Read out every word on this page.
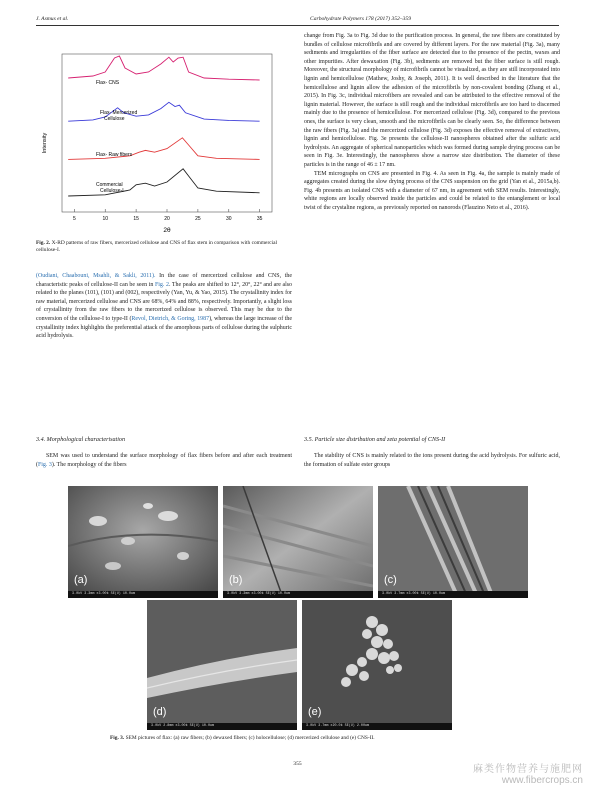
J. Asmus et al.	Carbohydrate Polymers 178 (2017) 352–359
Intensity
2θ
5	10	15	20	25	30	35
Flax- CNS
Flax- Mercerized Cellulose
Flax- Raw fibers
Commercial Cellulose-I
Fig. 2. X-RD patterns of raw fibers, mercerized cellulose and CNS of flax stem in comparison with commercial cellulose-I.

(Oudiani, Chaabouni, Msahli, & Sakli, 2011). In the case of mercerized cellulose and CNS, the characteristic peaks of cellulose-II can be seen in Fig. 2. The peaks are shifted to 12°, 20°, 22° and are also related to the planes (101), (101) and (002), respectively (Yan, Yu, & Yao, 2015). The crystallinity index for raw material, mercerized cellulose and CNS are 68%, 64% and 88%, respectively. Importantly, a slight loss of crystallinity from the raw fibers to the mercerized cellulose is observed. This may be due to the conversion of the cellulose-I to type-II (Revol, Dietrich, & Goring, 1987), whereas the large increase of the crystallinity index highlights the preferential attack of the amorphous parts of cellulose during the sulphuric acid hydrolysis.

3.4. Morphological characterisation

SEM was used to understand the surface morphology of flax fibers before and after each treatment (Fig. 3). The morphology of the fibers

change from Fig. 3a to Fig. 3d due to the purification process. In general, the raw fibers are constituted by bundles of cellulose microfibrils and are covered by different layers. For the raw material (Fig. 3a), many sediments and irregularities of the fiber surface are detected due to the presence of the pectin, waxes and other impurities. After dewaxation (Fig. 3b), sediments are removed but the fiber surface is still rough. Moreover, the structural morphology of microfibrils cannot be visualized, as they are still incorporated into lignin and hemicellulose (Mathew, Joshy, & Joseph, 2011). It is well described in the literature that the hemicellulose and lignin allow the adhesion of the microfibrils by non-covalent bonding (Zhang et al., 2015). In Fig. 3c, individual microfibers are revealed and can be attributed to the effective removal of the lignin material. However, the surface is still rough and the individual microfibrils are too hard to discerned mainly due to the presence of hemicellulose. For mercerized cellulose (Fig. 3d), compared to the previous ones, the surface is very clean, smooth and the microfibrils can be clearly seen. So, the difference between the raw fibers (Fig. 3a) and the mercerized cellulose (Fig. 3d) exposes the effective removal of extractives, lignin and hemicellulose. Fig. 3e presents the cellulose-II nanospheres obtained after the sulfuric acid hydrolysis. An aggregate of spherical nanoparticles which was formed during sample drying process can be seen in Fig. 3e. Interestingly, the nanospheres show a narrow size distribution. The diameter of these particles is in the range of 46 ± 17 nm.

TEM micrographs on CNS are presented in Fig. 4. As seen in Fig. 4a, the sample is mainly made of aggregates created during the slow drying process of the CNS suspension on the grid (Yan et al., 2015a,b). Fig. 4b presents an isolated CNS with a diameter of 67 nm, in agreement with SEM results. Interestingly, white regions are locally observed inside the particles and could be related to the entanglement or local twist of the crystaline regions, as previously reported on nanorods (Flauzino Neto et al., 2016).

3.5. Particle size distribution and zeta potential of CNS-II

The stability of CNS is mainly related to the ions present during the acid hydrolysis. For sulfuric acid, the formation of sulfate ester groups

(a)
3.0kV 3.3mm x3.00k SE(U) 10.0um
(b)
3.0kV 3.3mm x3.00k SE(U) 10.0um
(c)
3.0kV 3.7mm x3.00k SE(U) 10.0um
(d)
3.0kV 2.8mm x3.00k SE(U) 10.0um
(e)
3.0kV 3.7mm x20.0k SE(U) 2.00um
Fig. 3. SEM pictures of flax: (a) raw fibers; (b) dewaxed fibers; (c) holocellulose; (d) mercerized cellulose and (e) CNS-II.
355	麻类作物营养与施肥网
www.fibercrops.cn
